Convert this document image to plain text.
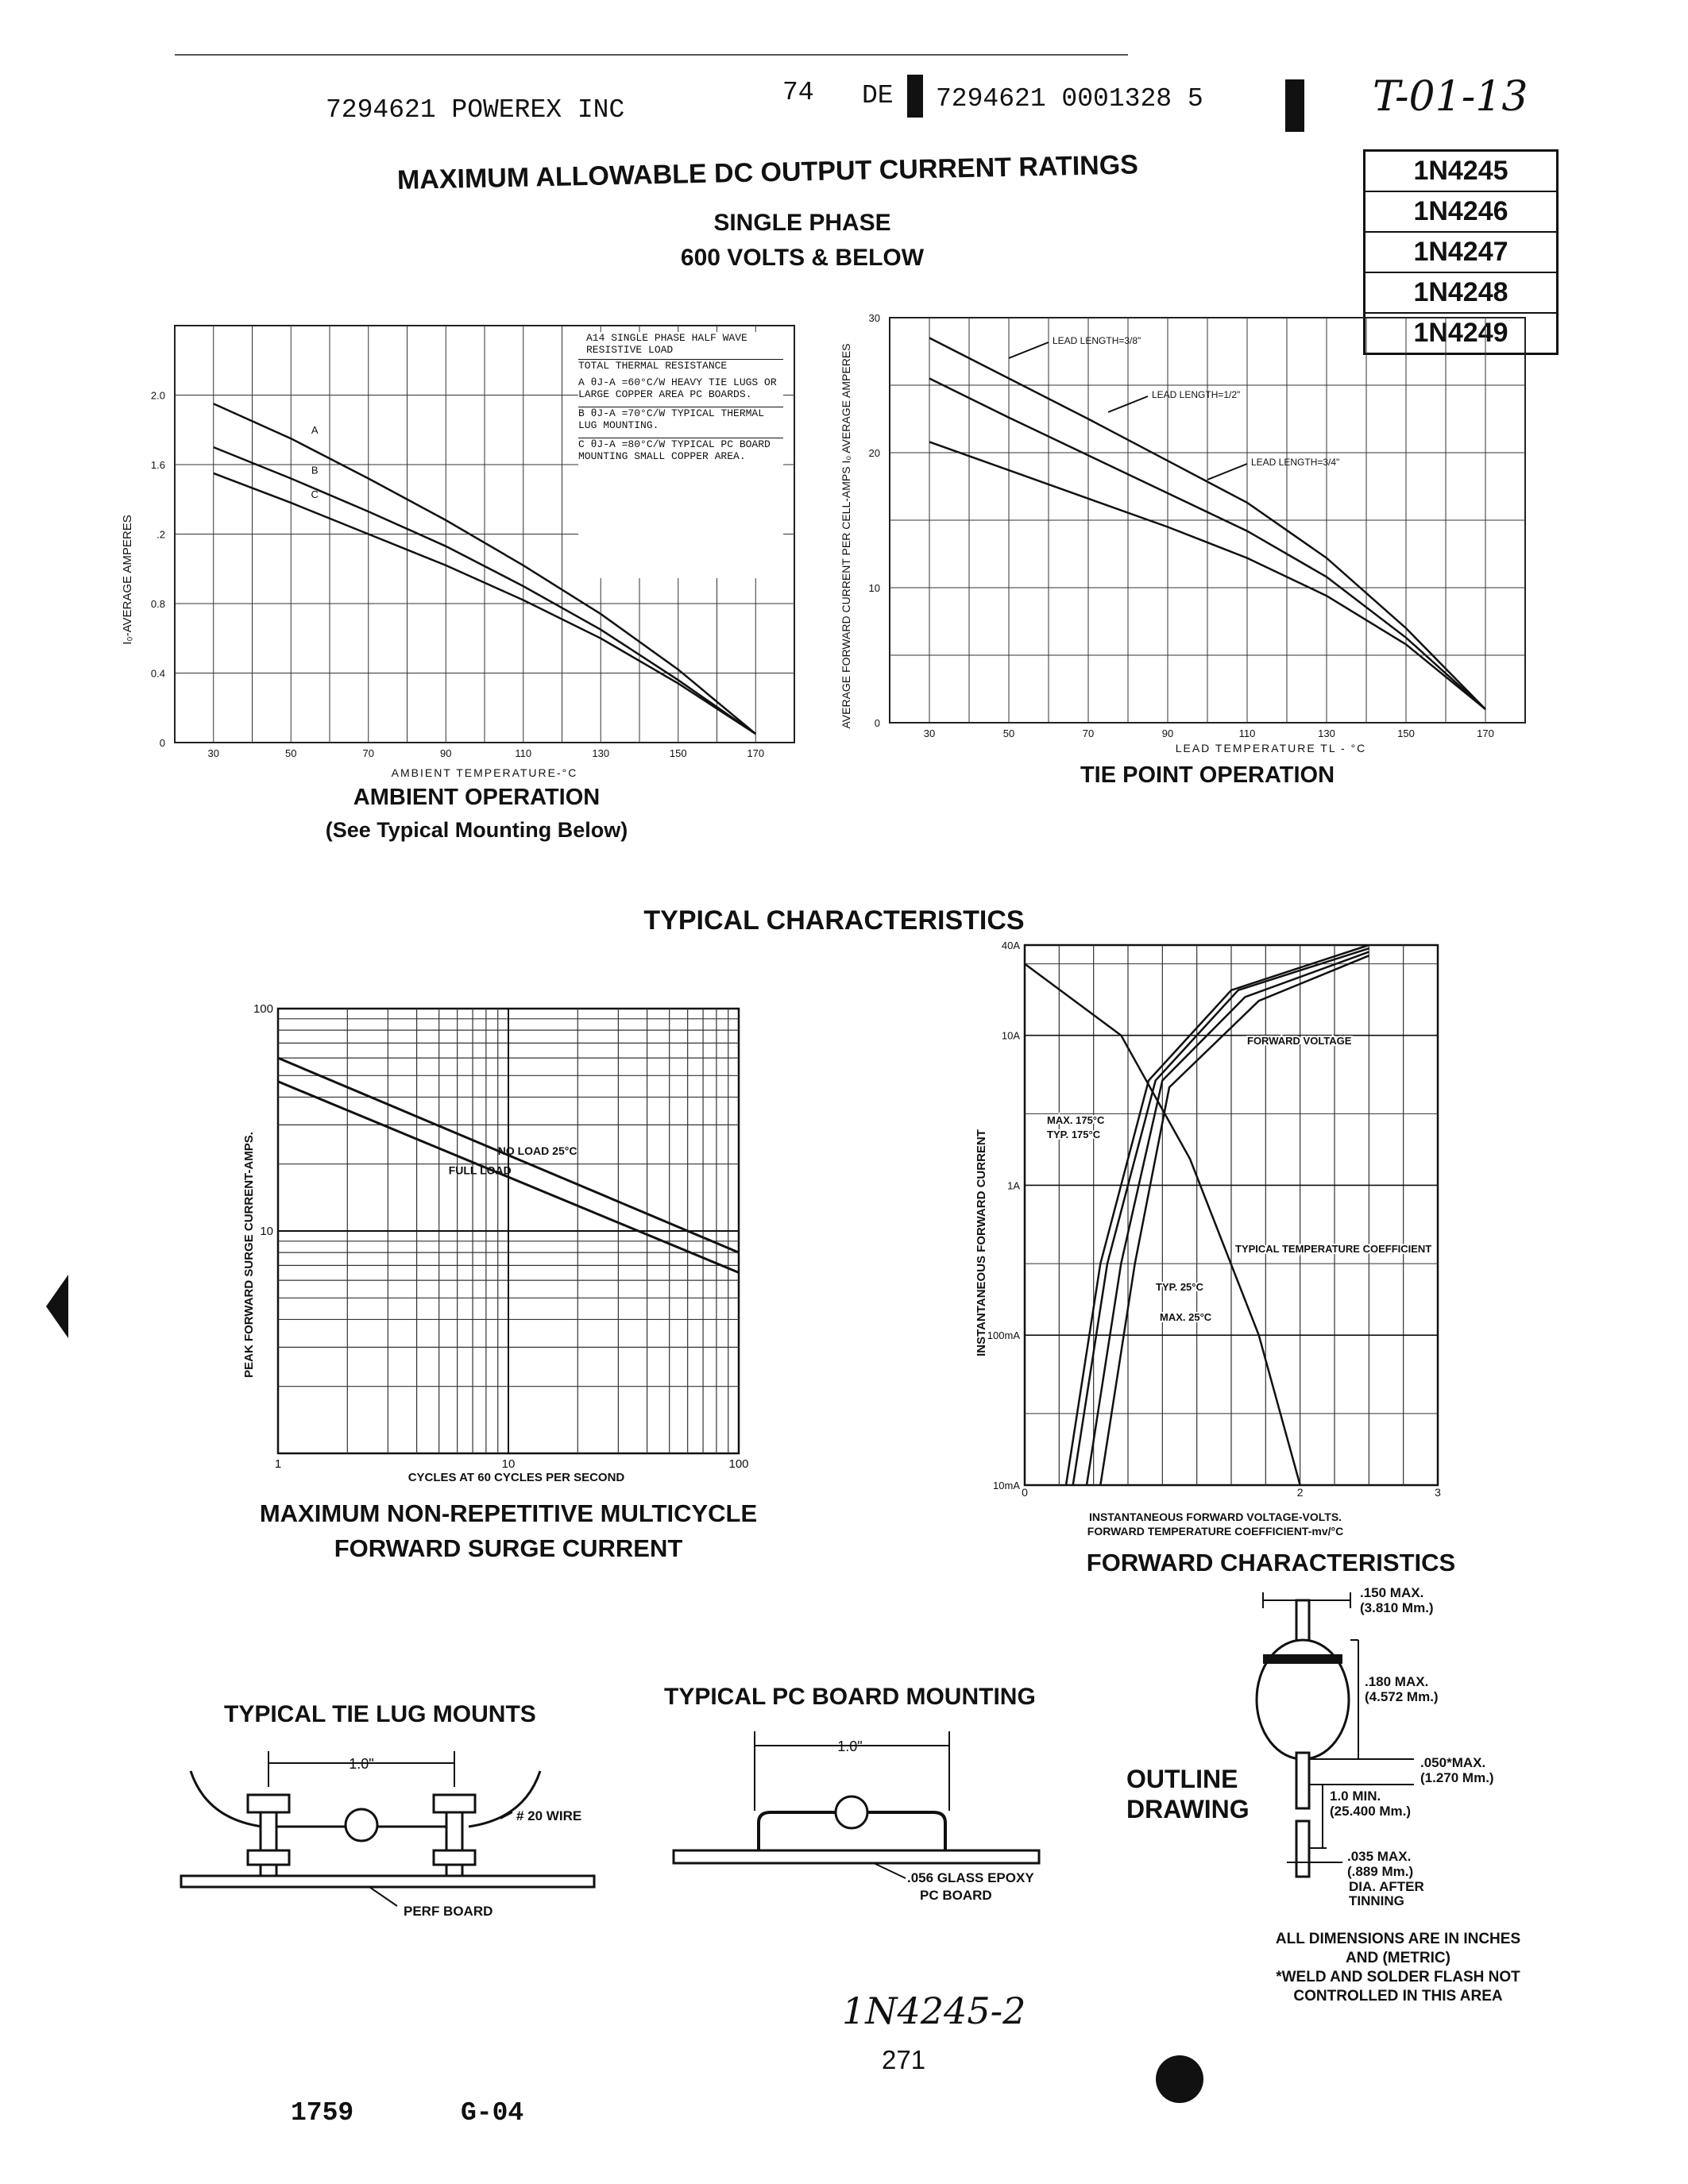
7294621 POWEREX INC
74 DE 7294621 0001328 5	T-01-13
MAXIMUM ALLOWABLE DC OUTPUT CURRENT RATINGS
SINGLE PHASE
600 VOLTS & BELOW
1N4245
1N4246
1N4247
1N4248
1N4249
A
B
C
30	50	70	90	110	130	150	170
0
0.4
0.8
.2
1.6
2.0
I₀-AVERAGE AMPERES
AMBIENT TEMPERATURE-°C
A14 SINGLE PHASE HALF WAVE RESISTIVE LOAD
TOTAL THERMAL RESISTANCE
A θJ-A =60°C/W HEAVY TIE LUGS OR LARGE COPPER AREA PC BOARDS.
B θJ-A =70°C/W TYPICAL THERMAL LUG MOUNTING.
C θJ-A =80°C/W TYPICAL PC BOARD MOUNTING SMALL COPPER AREA.
AMBIENT OPERATION
(See Typical Mounting Below)
LEAD LENGTH=3/8"
LEAD LENGTH=1/2"
LEAD LENGTH=3/4"
30	50	70	90	110	130	150	170
0
10
20
30
AVERAGE FORWARD CURRENT PER CELL-AMPS I₀ AVERAGE AMPERES
LEAD TEMPERATURE TL - °C
TIE POINT OPERATION
TYPICAL CHARACTERISTICS
NO LOAD 25°C
FULL LOAD
1	10	100
10
100
PEAK FORWARD SURGE CURRENT-AMPS.
CYCLES AT 60 CYCLES PER SECOND
MAXIMUM NON-REPETITIVE MULTICYCLE
FORWARD SURGE CURRENT
MAX. 175°C
TYP. 175°C
TYP. 25°C
MAX. 25°C
FORWARD VOLTAGE
TYPICAL TEMPERATURE COEFFICIENT
0	2	3
10mA
100mA
1A
10A
40A
INSTANTANEOUS FORWARD CURRENT
INSTANTANEOUS FORWARD VOLTAGE-VOLTS.
FORWARD TEMPERATURE COEFFICIENT-mv/°C
FORWARD CHARACTERISTICS
TYPICAL TIE LUG MOUNTS
1.0"
# 20 WIRE
PERF BOARD
TYPICAL PC BOARD MOUNTING
1.0"
.056 GLASS EPOXY
PC BOARD
OUTLINE
DRAWING
.150 MAX.
(3.810 Mm.)
.180 MAX.
(4.572 Mm.)
.050*MAX.
(1.270 Mm.)
1.0 MIN.
(25.400 Mm.)
.035 MAX.
(.889 Mm.)
DIA. AFTER
TINNING
ALL DIMENSIONS ARE IN INCHES
AND (METRIC)
*WELD AND SOLDER FLASH NOT
CONTROLLED IN THIS AREA
1N4245-2
271
1759	G-04
